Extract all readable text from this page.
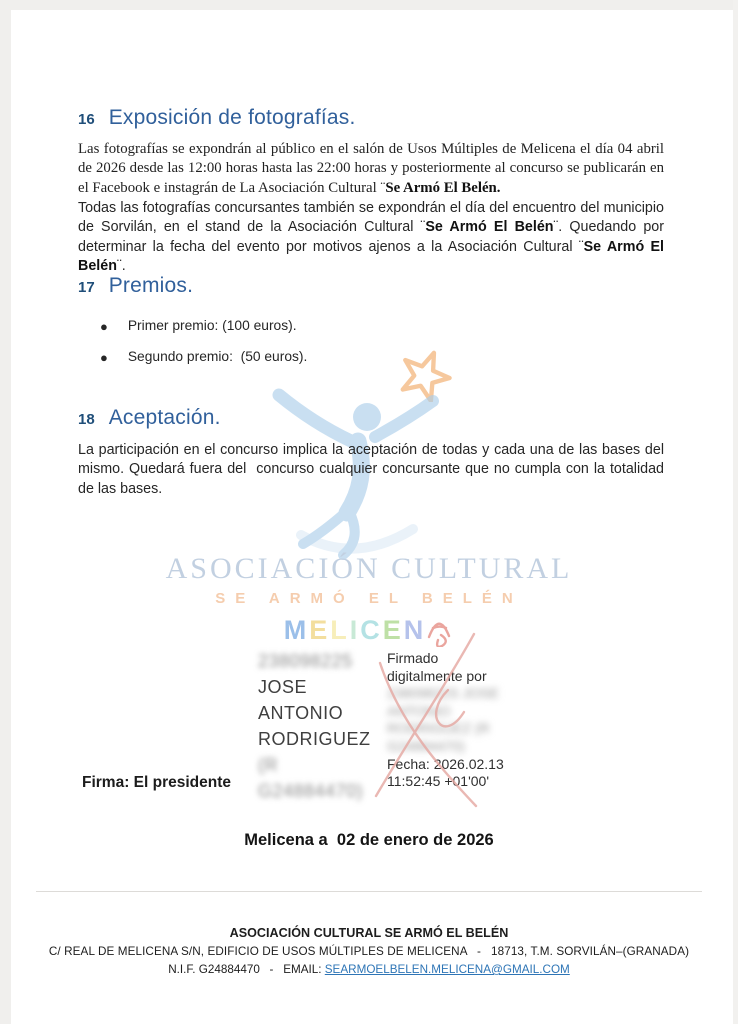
16 Exposición de fotografías.
Las fotografías se expondrán al público en el salón de Usos Múltiples de Melicena el día 04 abril de 2026 desde las 12:00 horas hasta las 22:00 horas y posteriormente al concurso se publicarán en el Facebook e instagrán de La Asociación Cultural ¨Se Armó El Belén.
Todas las fotografías concursantes también se expondrán el día del encuentro del municipio de Sorvilán, en el stand de la Asociación Cultural ¨Se Armó El Belén¨. Quedando por determinar la fecha del evento por motivos ajenos a la Asociación Cultural ¨Se Armó El Belén¨.
17 Premios.
● Primer premio: (100 euros).
● Segundo premio:  (50 euros).
18 Aceptación.
La participación en el concurso implica la aceptación de todas y cada una de las bases del mismo. Quedará fuera del  concurso cualquier concursante que no cumpla con la totalidad de las bases.
ASOCIACIÓN CULTURAL
SE ARMÓ EL BELÉN
MELICEN
Firma: El presidente
238098225
JOSE
ANTONIO
RODRIGUEZ
(R
G24884470)
Firmado
digitalmente por
23809822S JOSE
ANTONIO
RODRIGUEZ (R
G24884470)
Fecha: 2026.02.13
11:52:45 +01'00'
Melicena a  02 de enero de 2026
ASOCIACIÓN CULTURAL SE ARMÓ EL BELÉN
C/ REAL DE MELICENA S/N, EDIFICIO DE USOS MÚLTIPLES DE MELICENA   -   18713, T.M. SORVILÁN–(GRANADA)
N.I.F. G24884470   -   EMAIL: SEARMOELBELEN.MELICENA@GMAIL.COM
